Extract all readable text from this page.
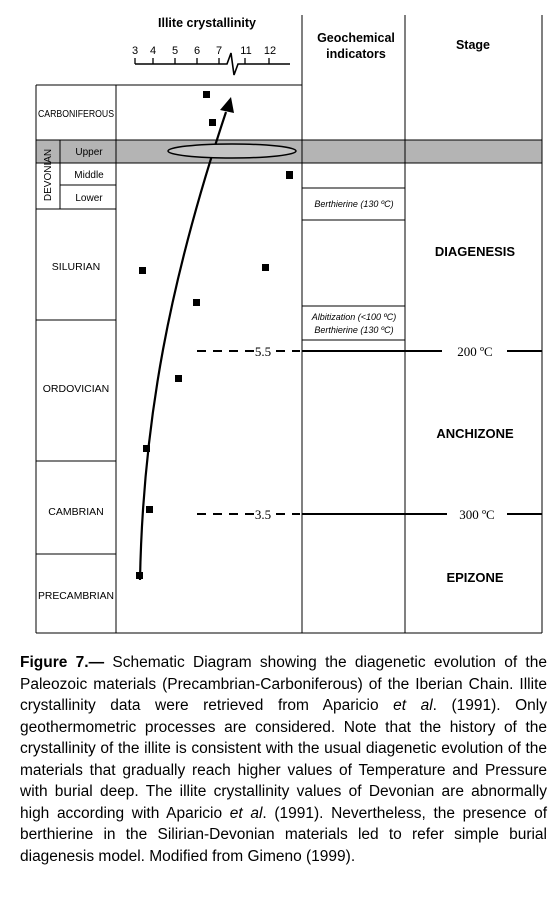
Illite crystallinity
Geochemical
indicators
Stage
3 4 5 6 7 11 12
CARBONIFEROUS
DEVONIAN Upper
Middle
Lower
SILURIAN
ORDOVICIAN
CAMBRIAN
PRECAMBRIAN
Berthierine (130 ºC)
Albitization (<100 ºC)
Berthierine (130 ºC)
5.5	200 ºC
3.5	300 ºC
DIAGENESIS
ANCHIZONE
EPIZONE
Figure 7.— Schematic Diagram showing the diagenetic evolution of the Paleozoic materials (Precambrian-Carboniferous) of the Iberian Chain. Illite crystallinity data were retrieved from Aparicio et al. (1991). Only geothermometric processes are considered. Note that the history of the crystallinity of the illite is consistent with the usual diagenetic evolution of the materials that gradually reach higher values of Temperature and Pressure with burial deep. The illite crystallinity values of Devonian are abnormally high according with Aparicio et al. (1991). Nevertheless, the presence of berthierine in the Silirian-Devonian materials led to refer simple burial diagenesis model. Modified from Gimeno (1999).
